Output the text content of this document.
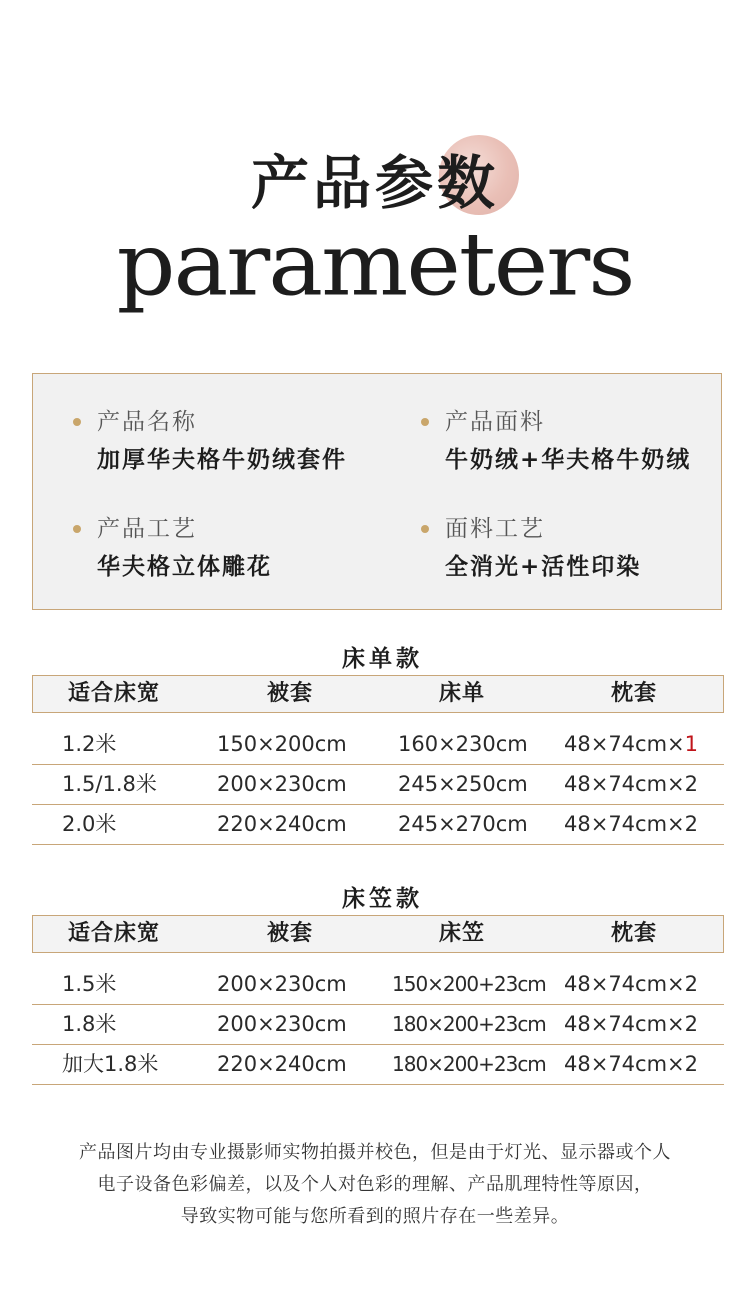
产品参数
parameters
产品名称
加厚华夫格牛奶绒套件
产品面料
牛奶绒+华夫格牛奶绒
产品工艺
华夫格立体雕花
面料工艺
全消光+活性印染
床单款
适合床宽	被套	床单	枕套
1.2米	150×200cm 160×230cm 48×74cm×1
1.5/1.8米	200×230cm 245×250cm 48×74cm×2
2.0米	220×240cm 245×270cm 48×74cm×2
床笠款
适合床宽	被套	床笠	枕套
1.5米	200×230cm 150×200+23cm 48×74cm×2
1.8米	200×230cm 180×200+23cm 48×74cm×2
加大1.8米	220×240cm 180×200+23cm 48×74cm×2
产品图片均由专业摄影师实物拍摄并校色，但是由于灯光、显示器或个人
电子设备色彩偏差，以及个人对色彩的理解、产品肌理特性等原因，
导致实物可能与您所看到的照片存在一些差异。
